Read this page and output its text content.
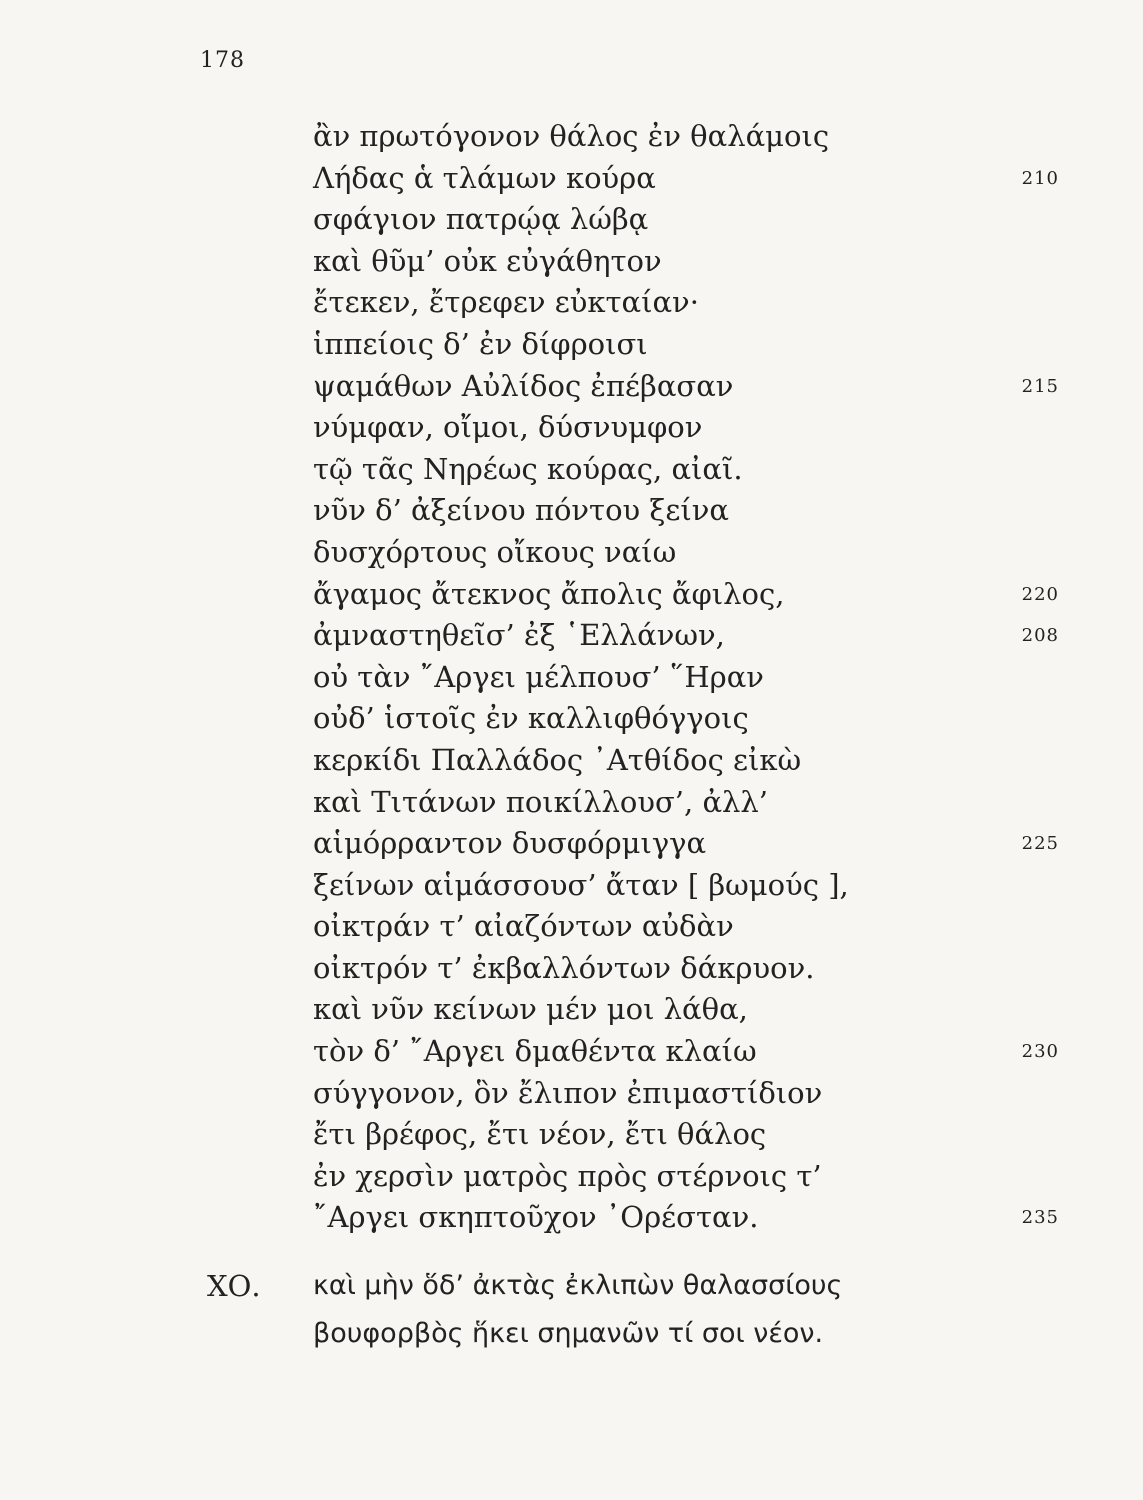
178
ἂν πρωτόγονον θάλος ἐν θαλάμοις
Λήδας ἁ τλάμων κούρα	210
σφάγιον πατρῴᾳ λώβᾳ
καὶ θῦμ’ οὐκ εὐγάθητον
ἔτεκεν, ἔτρεφεν εὐκταίαν·
ἱππείοις δ’ ἐν δίφροισι
ψαμάθων Αὐλίδος ἐπέβασαν	215
νύμφαν, οἴμοι, δύσνυμφον
τῷ τᾶς Νηρέως κούρας, αἰαῖ.
νῦν δ’ ἀξείνου πόντου ξείνα
δυσχόρτους οἴκους ναίω
ἄγαμος ἄτεκνος ἄπολις ἄφιλος,	220
ἀμναστηθεῖσ’ ἐξ ῾Ελλάνων,	208
οὐ τὰν ῎Αργει μέλπουσ’ ῞Ηραν
οὐδ’ ἱστοῖς ἐν καλλιφθόγγοις
κερκίδι Παλλάδος ᾿Ατθίδος εἰκὼ
καὶ Τιτάνων ποικίλλουσ’, ἀλλ’
αἱμόρραντον δυσφόρμιγγα	225
ξείνων αἱμάσσουσ’ ἄταν [ βωμούς ],
οἰκτράν τ’ αἰαζόντων αὐδὰν
οἰκτρόν τ’ ἐκβαλλόντων δάκρυον.
καὶ νῦν κείνων μέν μοι λάθα,
τὸν δ’ ῎Αργει δμαθέντα κλαίω	230
σύγγονον, ὃν ἔλιπον ἐπιμαστίδιον
ἔτι βρέφος, ἔτι νέον, ἔτι θάλος
ἐν χερσὶν ματρὸς πρὸς στέρνοις τ’
῎Αργει σκηπτοῦχον ᾿Ορέσταν.	235
ΧΟ. καὶ μὴν ὅδ’ ἀκτὰς ἐκλιπὼν θαλασσίους
βουφορβὸς ἥκει σημανῶν τί σοι νέον.
